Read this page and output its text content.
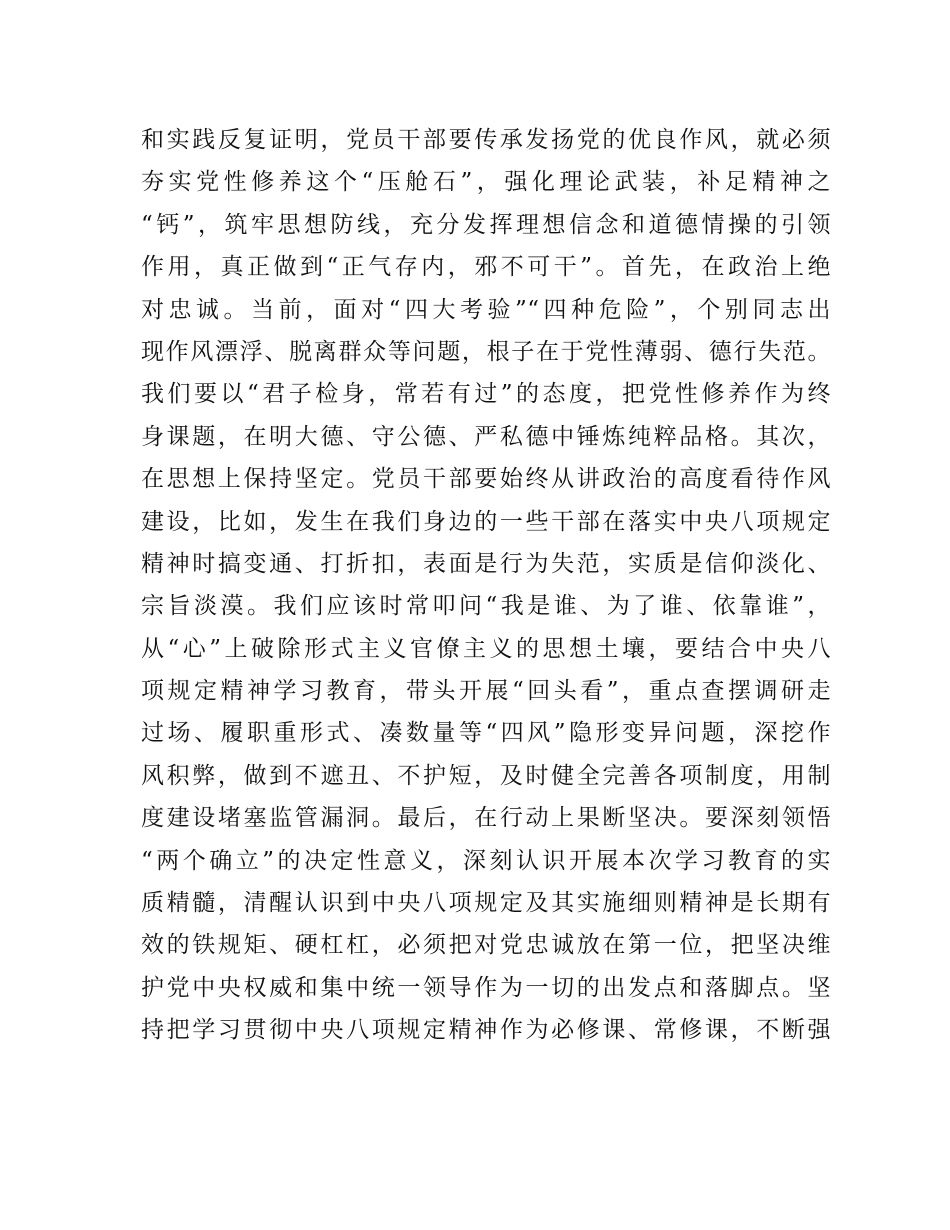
和实践反复证明，党员干部要传承发扬党的优良作风，就必须
夯实党性修养这个“压舱石”，强化理论武装，补足精神之
“钙”，筑牢思想防线，充分发挥理想信念和道德情操的引领
作用，真正做到“正气存内，邪不可干”。首先，在政治上绝
对忠诚。当前，面对“四大考验”“四种危险”，个别同志出
现作风漂浮、脱离群众等问题，根子在于党性薄弱、德行失范。
我们要以“君子检身，常若有过”的态度，把党性修养作为终
身课题，在明大德、守公德、严私德中锤炼纯粹品格。其次，
在思想上保持坚定。党员干部要始终从讲政治的高度看待作风
建设，比如，发生在我们身边的一些干部在落实中央八项规定
精神时搞变通、打折扣，表面是行为失范，实质是信仰淡化、
宗旨淡漠。我们应该时常叩问“我是谁、为了谁、依靠谁”，
从“心”上破除形式主义官僚主义的思想土壤，要结合中央八
项规定精神学习教育，带头开展“回头看”，重点查摆调研走
过场、履职重形式、凑数量等“四风”隐形变异问题，深挖作
风积弊，做到不遮丑、不护短，及时健全完善各项制度，用制
度建设堵塞监管漏洞。最后，在行动上果断坚决。要深刻领悟
“两个确立”的决定性意义，深刻认识开展本次学习教育的实
质精髓，清醒认识到中央八项规定及其实施细则精神是长期有
效的铁规矩、硬杠杠，必须把对党忠诚放在第一位，把坚决维
护党中央权威和集中统一领导作为一切的出发点和落脚点。坚
持把学习贯彻中央八项规定精神作为必修课、常修课，不断强
